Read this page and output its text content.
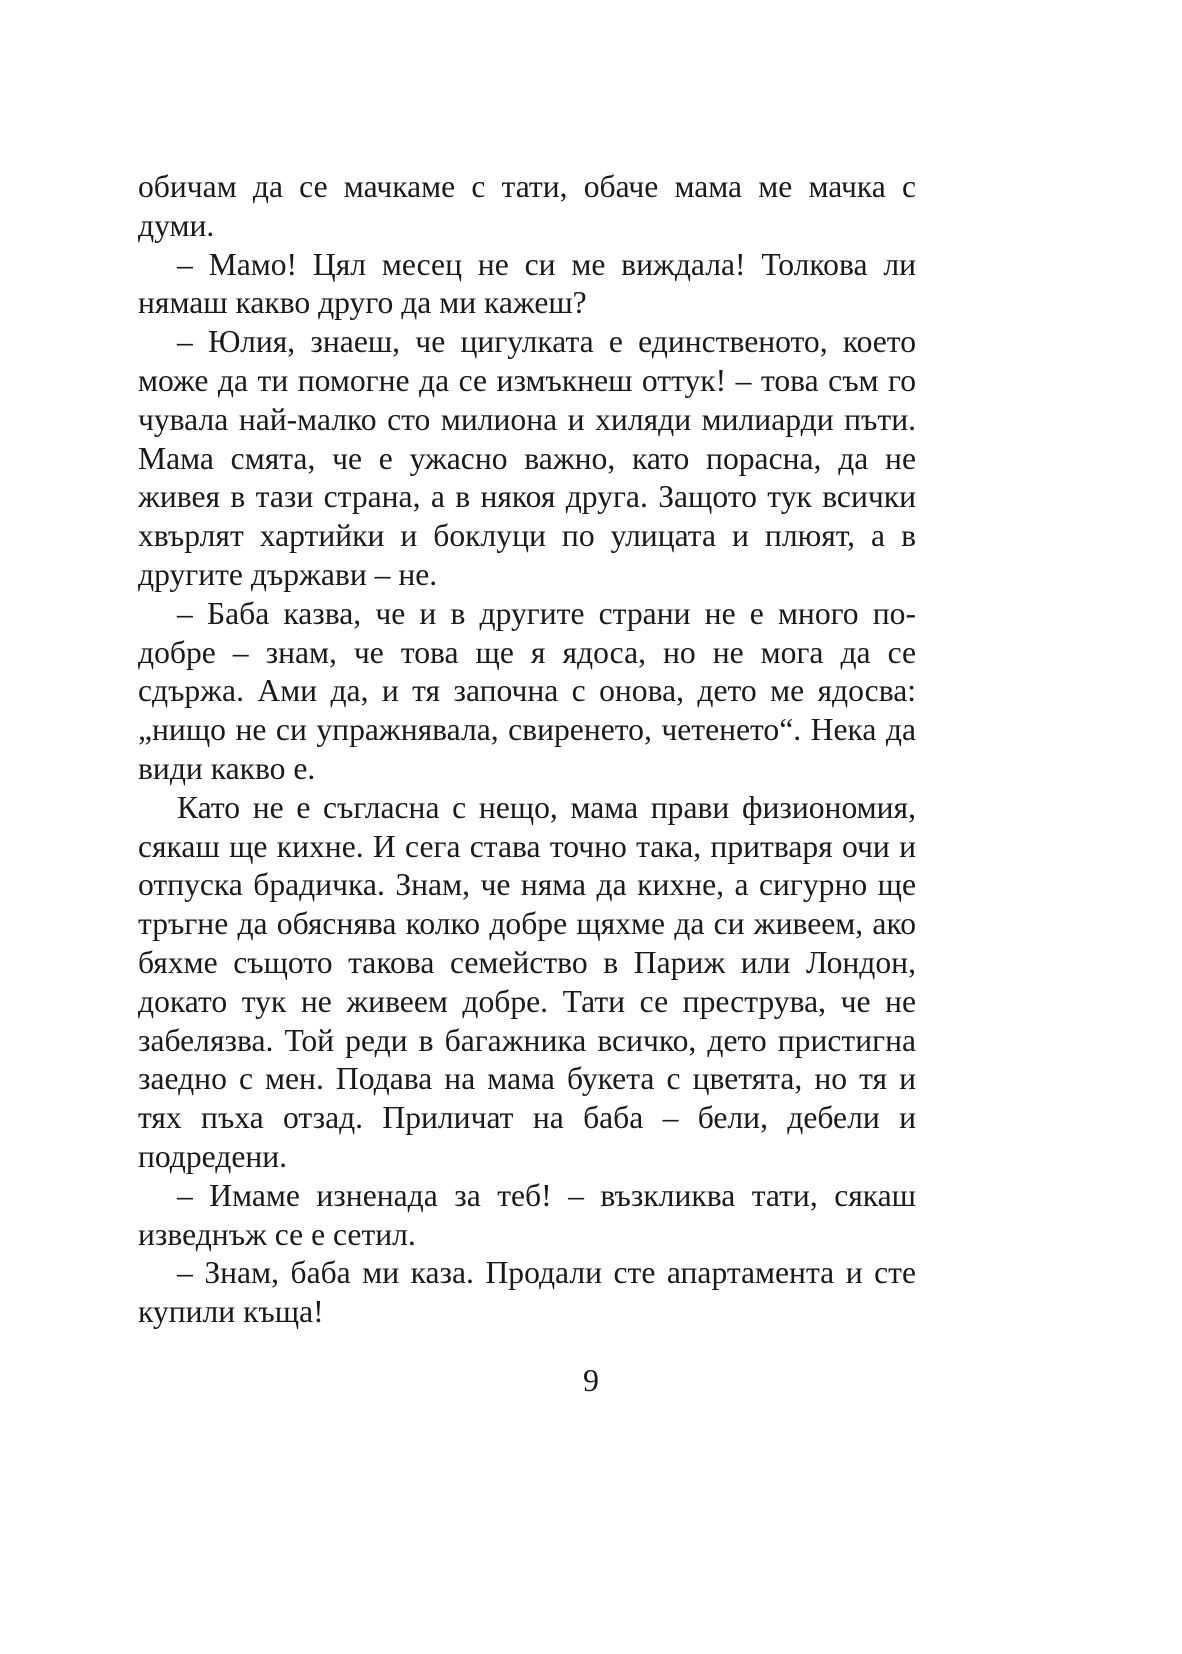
обичам да се мачкаме с тати, обаче мама ме мачка с думи.

– Мамо! Цял месец не си ме виждала! Толкова ли нямаш какво друго да ми кажеш?

– Юлия, знаеш, че цигулката е единственото, което може да ти помогне да се измъкнеш оттук! – това съм го чувала най-малко сто милиона и хиляди милиарди пъти. Мама смята, че е ужасно важно, като порасна, да не живея в тази страна, а в някоя друга. Защото тук всички хвърлят хартийки и боклуци по улицата и плюят, а в другите държави – не.

– Баба казва, че и в другите страни не е много по-добре – знам, че това ще я ядоса, но не мога да се сдържа. Ами да, и тя започна с онова, дето ме ядосва: „нищо не си упражнявала, свиренето, четенето“. Нека да види какво е.

Като не е съгласна с нещо, мама прави физиономия, сякаш ще кихне. И сега става точно така, притваря очи и отпуска брадичка. Знам, че няма да кихне, а сигурно ще тръгне да обяснява колко добре щяхме да си живеем, ако бяхме същото такова семейство в Париж или Лондон, докато тук не живеем добре. Тати се преструва, че не забелязва. Той реди в багажника всичко, дето пристигна заедно с мен. Подава на мама букета с цветята, но тя и тях пъха отзад. Приличат на баба – бели, дебели и подредени.

– Имаме изненада за теб! – възкликва тати, сякаш изведнъж се е сетил.

– Знам, баба ми каза. Продали сте апартамента и сте купили къща!

9
